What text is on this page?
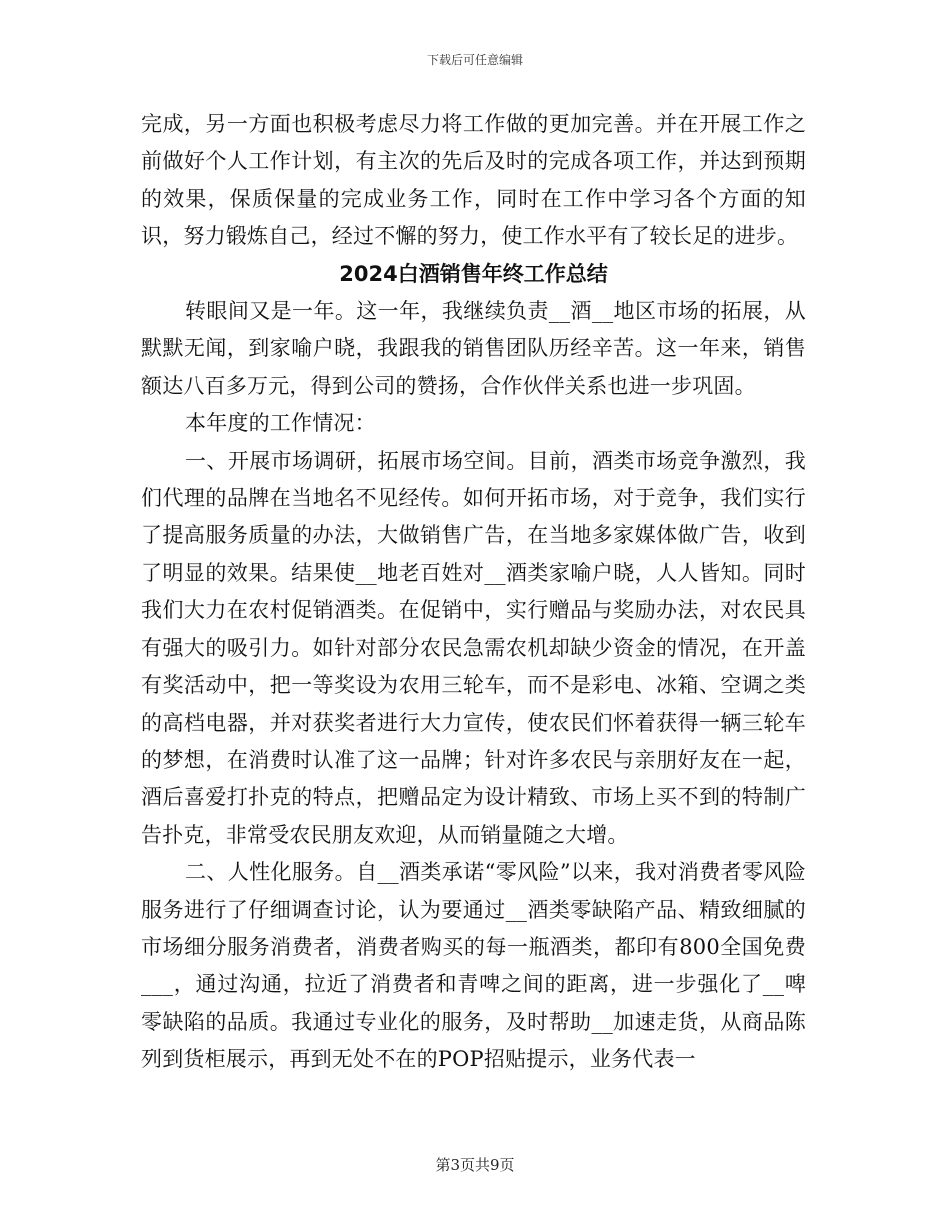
下载后可任意编辑

完成，另一方面也积极考虑尽力将工作做的更加完善。并在开展工作之前做好个人工作计划，有主次的先后及时的完成各项工作，并达到预期的效果，保质保量的完成业务工作，同时在工作中学习各个方面的知识，努力锻炼自己，经过不懈的努力，使工作水平有了较长足的进步。

2024白酒销售年终工作总结

转眼间又是一年。这一年，我继续负责__酒__地区市场的拓展，从默默无闻，到家喻户晓，我跟我的销售团队历经辛苦。这一年来，销售额达八百多万元，得到公司的赞扬，合作伙伴关系也进一步巩固。

本年度的工作情况：

一、开展市场调研，拓展市场空间。目前，酒类市场竞争激烈，我们代理的品牌在当地名不见经传。如何开拓市场，对于竞争，我们实行了提高服务质量的办法，大做销售广告，在当地多家媒体做广告，收到了明显的效果。结果使__地老百姓对__酒类家喻户晓，人人皆知。同时我们大力在农村促销酒类。在促销中，实行赠品与奖励办法，对农民具有强大的吸引力。如针对部分农民急需农机却缺少资金的情况，在开盖有奖活动中，把一等奖设为农用三轮车，而不是彩电、冰箱、空调之类的高档电器，并对获奖者进行大力宣传，使农民们怀着获得一辆三轮车的梦想，在消费时认准了这一品牌；针对许多农民与亲朋好友在一起，酒后喜爱打扑克的特点，把赠品定为设计精致、市场上买不到的特制广告扑克，非常受农民朋友欢迎，从而销量随之大增。

二、人性化服务。自__酒类承诺“零风险”以来，我对消费者零风险服务进行了仔细调查讨论，认为要通过__酒类零缺陷产品、精致细腻的市场细分服务消费者，消费者购买的每一瓶酒类，都印有800全国免费___，通过沟通，拉近了消费者和青啤之间的距离，进一步强化了__啤零缺陷的品质。我通过专业化的服务，及时帮助__加速走货，从商品陈列到货柜展示，再到无处不在的POP招贴提示，业务代表一

第3页共9页
